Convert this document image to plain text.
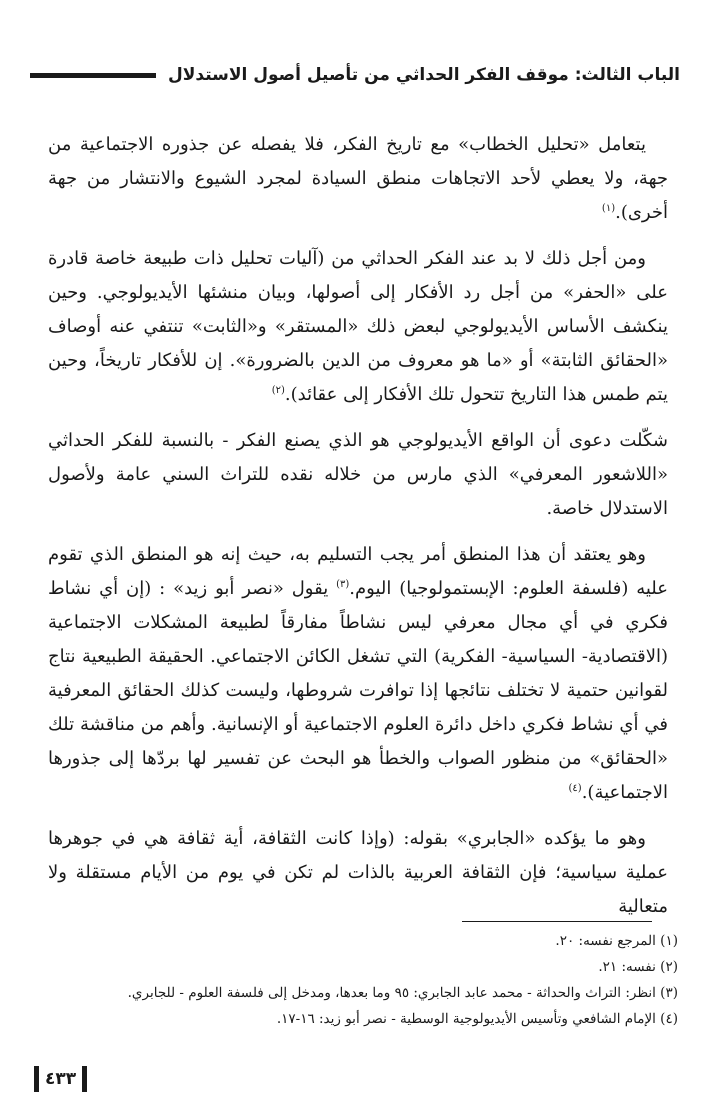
الباب الثالث: موقف الفكر الحداثي من تأصيل أصول الاستدلال

يتعامل «تحليل الخطاب» مع تاريخ الفكر، فلا يفصله عن جذوره الاجتماعية من جهة، ولا يعطي لأحد الاتجاهات منطق السيادة لمجرد الشيوع والانتشار من جهة أخرى).$^{(١)}$

ومن أجل ذلك لا بد عند الفكر الحداثي من (آليات تحليل ذات طبيعة خاصة قادرة على «الحفر» من أجل رد الأفكار إلى أصولها، وبيان منشئها الأيديولوجي. وحين ينكشف الأساس الأيديولوجي لبعض ذلك «المستقر» و«الثابت» تنتفي عنه أوصاف «الحقائق الثابتة» أو «ما هو معروف من الدين بالضرورة». إن للأفكار تاريخاً، وحين يتم طمس هذا التاريخ تتحول تلك الأفكار إلى عقائد).$^{(٢)}$

شكّلت دعوى أن الواقع الأيديولوجي هو الذي يصنع الفكر - بالنسبة للفكر الحداثي «اللاشعور المعرفي» الذي مارس من خلاله نقده للتراث السني عامة ولأصول الاستدلال خاصة.

وهو يعتقد أن هذا المنطق أمر يجب التسليم به، حيث إنه هو المنطق الذي تقوم عليه (فلسفة العلوم: الإبستمولوجيا) اليوم.$^{(٣)}$ يقول «نصر أبو زيد» : (إن أي نشاط فكري في أي مجال معرفي ليس نشاطاً مفارقاً لطبيعة المشكلات الاجتماعية (الاقتصادية- السياسية- الفكرية) التي تشغل الكائن الاجتماعي. الحقيقة الطبيعية نتاج لقوانين حتمية لا تختلف نتائجها إذا توافرت شروطها، وليست كذلك الحقائق المعرفية في أي نشاط فكري داخل دائرة العلوم الاجتماعية أو الإنسانية. وأهم من مناقشة تلك «الحقائق» من منظور الصواب والخطأ هو البحث عن تفسير لها بردّها إلى جذورها الاجتماعية).$^{(٤)}$

وهو ما يؤكده «الجابري» بقوله: (وإذا كانت الثقافة، أية ثقافة هي في جوهرها عملية سياسية؛ فإن الثقافة العربية بالذات لم تكن في يوم من الأيام مستقلة ولا متعالية

(١) المرجع نفسه: ٢٠.

(٢) نفسه: ٢١.

(٣) انظر: التراث والحداثة - محمد عابد الجابري: ٩٥ وما بعدها، ومدخل إلى فلسفة العلوم - للجابري.

(٤) الإمام الشافعي وتأسيس الأيديولوجية الوسطية - نصر أبو زيد: ١٦-١٧.

٤٣٣
